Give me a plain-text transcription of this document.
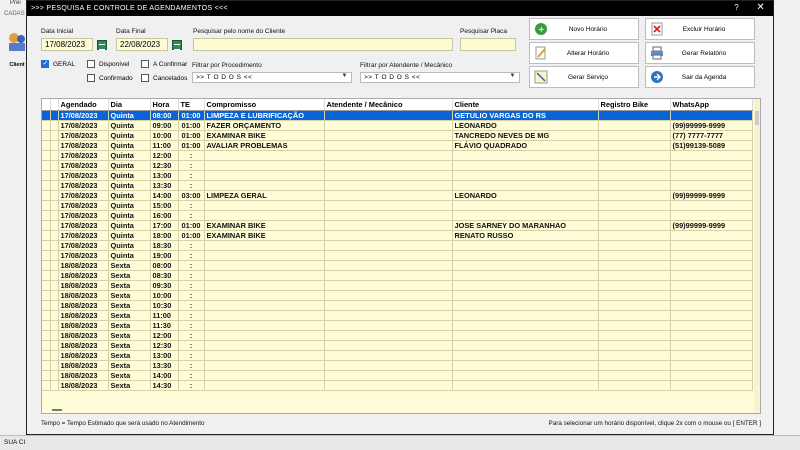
Prei
CADAS
Client
SUA CI
>>> PESQUISA E CONTROLE DE AGENDAMENTOS <<<	? ✕
Data Inicial
17/08/2023
Data Final
22/08/2023
Pesquisar pelo nome do Cliente	Pesquisar Placa
✓
GERAL	Disponível	A Confirmar
Confirmado	Cancelados
Filtrar por Procedimento
>> T O D O S <<	▼
Filtrar por Atendente / Mecânico
>> T O D O S <<	▼
+	Novo Horário	Excluir Horário
Alterar Horário	Gerar Relatório
Gerar Serviço	Sair da Agenda
		Agendado	Dia	Hora	TE	Compromisso	Atendente / Mecânico	Cliente	Registro Bike	WhatsApp
		17/08/2023	Quinta	08:00	01:00	LIMPEZA E LUBRIFICAÇÃO		GETULIO VARGAS DO RS		
		17/08/2023	Quinta	09:00	01:00	FAZER ORÇAMENTO		LEONARDO		(99)99999-9999
		17/08/2023	Quinta	10:00	01:00	EXAMINAR BIKE		TANCREDO NEVES DE MG		(77) 7777-7777
		17/08/2023	Quinta	11:00	01:00	AVALIAR PROBLEMAS		FLÁVIO QUADRADO		(51)99139-5089
		17/08/2023	Quinta	12:00	:					
		17/08/2023	Quinta	12:30	:					
		17/08/2023	Quinta	13:00	:					
		17/08/2023	Quinta	13:30	:					
		17/08/2023	Quinta	14:00	03:00	LIMPEZA GERAL		LEONARDO		(99)99999-9999
		17/08/2023	Quinta	15:00	:					
		17/08/2023	Quinta	16:00	:					
		17/08/2023	Quinta	17:00	01:00	EXAMINAR BIKE		JOSE SARNEY DO MARANHAO		(99)99999-9999
		17/08/2023	Quinta	18:00	01:00	EXAMINAR BIKE		RENATO RUSSO		
		17/08/2023	Quinta	18:30	:					
		17/08/2023	Quinta	19:00	:					
		18/08/2023	Sexta	08:00	:					
		18/08/2023	Sexta	08:30	:					
		18/08/2023	Sexta	09:30	:					
		18/08/2023	Sexta	10:00	:					
		18/08/2023	Sexta	10:30	:					
		18/08/2023	Sexta	11:00	:					
		18/08/2023	Sexta	11:30	:					
		18/08/2023	Sexta	12:00	:					
		18/08/2023	Sexta	12:30	:					
		18/08/2023	Sexta	13:00	:					
		18/08/2023	Sexta	13:30	:					
		18/08/2023	Sexta	14:00	:					
		18/08/2023	Sexta	14:30	:					
Tempo = Tempo Estimado que será usado no Atendimento	Para selecionar um horário disponível, clique 2x com o mouse ou [ ENTER ]
